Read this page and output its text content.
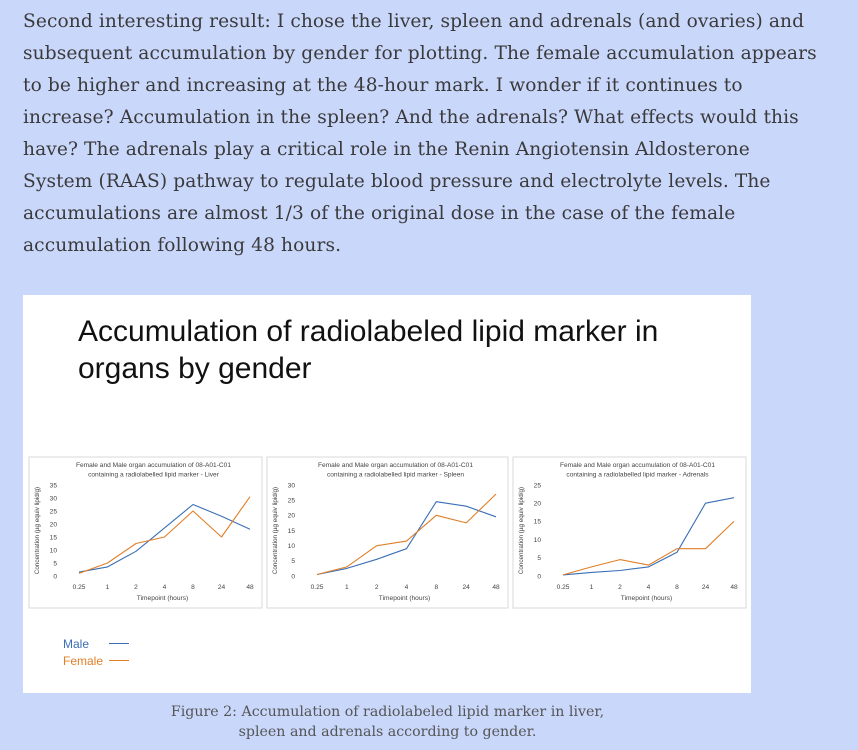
Second interesting result: I chose the liver, spleen and adrenals (and ovaries) and subsequent accumulation by gender for plotting. The female accumulation appears to be higher and increasing at the 48-hour mark. I wonder if it continues to increase? Accumulation in the spleen? And the adrenals? What effects would this have? The adrenals play a critical role in the Renin Angiotensin Aldosterone System (RAAS) pathway to regulate blood pressure and electrolyte levels. The accumulations are almost 1/3 of the original dose in the case of the female accumulation following 48 hours.
Accumulation of radiolabeled lipid marker in organs by gender
Female and Male organ accumulation of 08-A01-C01
containing a radiolabelled lipid marker - Liver
0
5
10
15
20
25
30
35
0.25	1	2	4	8	24	48
Timepoint (hours)
Concentration (µg equiv lipid/g)
Female and Male organ accumulation of 08-A01-C01
containing a radiolabelled lipid marker - Spleen
0
5
10
15
20
25
30
0.25	1	2	4	8	24	48
Timepoint (hours)
Concentration (µg equiv lipid/g)
Female and Male organ accumulation of 08-A01-C01
containing a radiolabelled lipid marker - Adrenals
0
5
10
15
20
25
0.25	1	2	4	8	24	48
Timepoint (hours)
Concentration (µg equiv lipid/g)
Male
Female
Figure 2: Accumulation of radiolabeled lipid marker in liver, spleen and adrenals according to gender.
